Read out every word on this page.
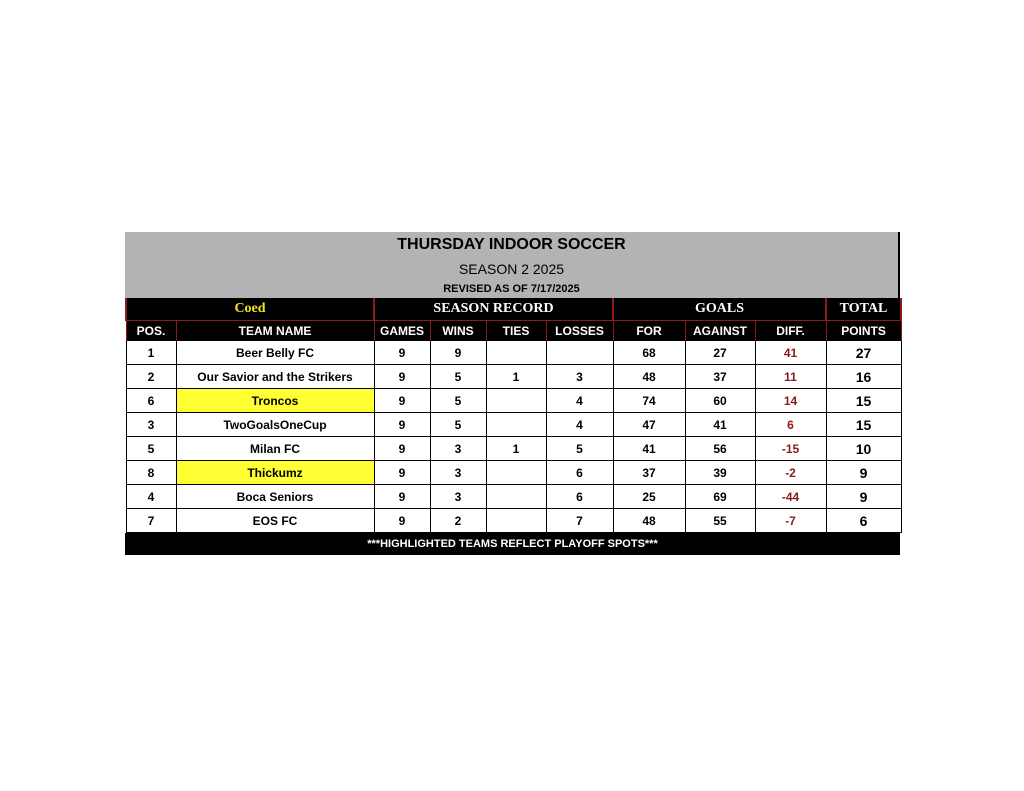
THURSDAY INDOOR SOCCER
SEASON 2 2025
REVISED AS OF 7/17/2025
Coed		SEASON RECORD				GOALS			TOTAL
POS.	TEAM NAME	GAMES	WINS	TIES	LOSSES	FOR	AGAINST	DIFF.	POINTS
1	Beer Belly FC	9	9			68	27	41	27
2	Our Savior and the Strikers	9	5	1	3	48	37	11	16
6	Troncos	9	5		4	74	60	14	15
3	TwoGoalsOneCup	9	5		4	47	41	6	15
5	Milan FC	9	3	1	5	41	56	-15	10
8	Thickumz	9	3		6	37	39	-2	9
4	Boca Seniors	9	3		6	25	69	-44	9
7	EOS FC	9	2		7	48	55	-7	6
***HIGHLIGHTED TEAMS REFLECT PLAYOFF SPOTS***
